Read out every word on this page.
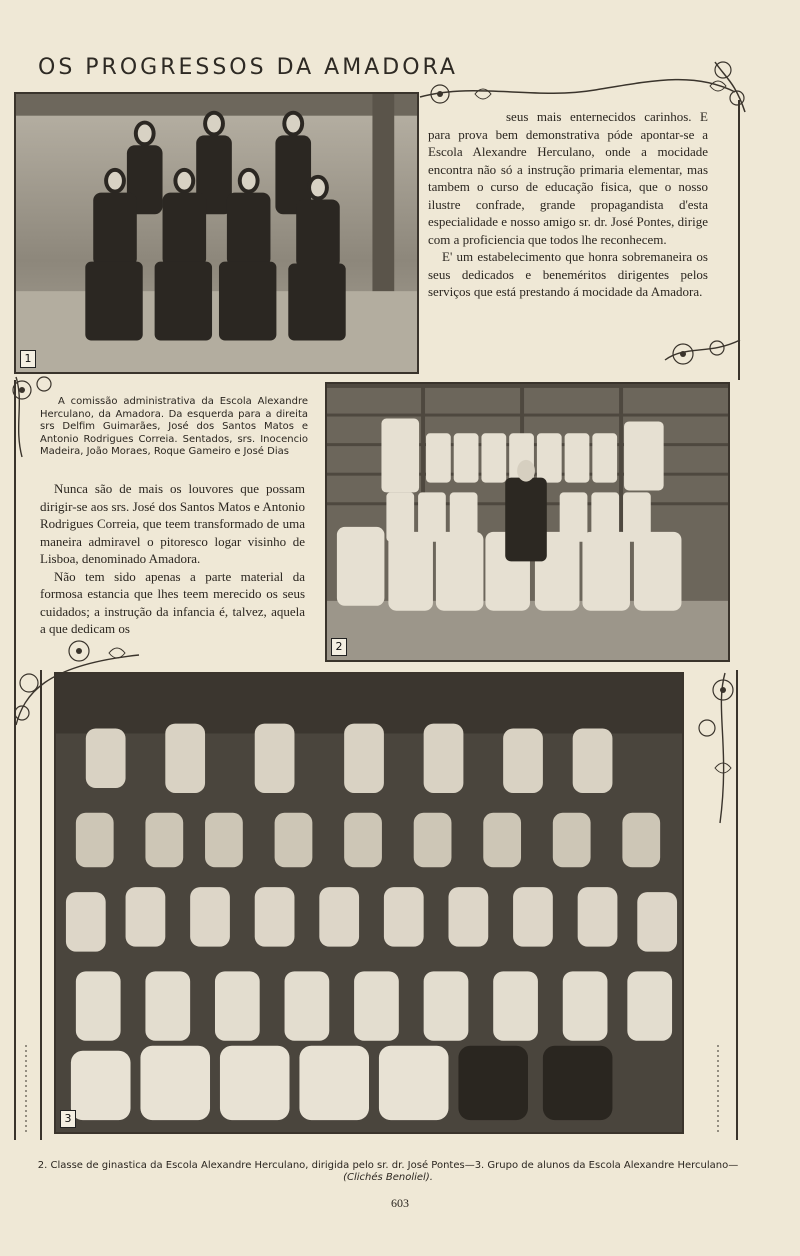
OS PROGRESSOS DA AMADORA
1

seus mais enternecidos carinhos. E para prova bem demonstrativa póde apontar-se a Escola Alexandre Herculano, onde a mocidade encontra não só a instrução primaria elementar, mas tambem o curso de educação fisica, que o nosso ilustre confrade, grande propagandista d'esta especialidade e nosso amigo sr. dr. José Pontes, dirige com a proficiencia que todos lhe reconhecem.

E' um estabelecimento que honra sobremaneira os seus dedicados e beneméritos dirigentes pelos serviços que está prestando á mocidade da Amadora.

A comissão administrativa da Escola Alexandre Herculano, da Amadora. Da esquerda para a direita srs Delfim Guimarães, José dos Santos Matos e Antonio Rodrigues Correia. Sentados, srs. Inocencio Madeira, João Moraes, Roque Gameiro e José Dias

Nunca são de mais os louvores que possam dirigir-se aos srs. José dos Santos Matos e Antonio Rodrigues Correia, que teem transformado de uma maneira admiravel o pitoresco logar visinho de Lisboa, denominado Amadora.

Não tem sido apenas a parte material da formosa estancia que lhes teem merecido os seus cuidados; a instrução da infancia é, talvez, aquela a que dedicam os

2
3
2. Classe de ginastica da Escola Alexandre Herculano, dirigida pelo sr. dr. José Pontes—3. Grupo de alunos da Escola Alexandre Herculano—(Clichés Benoliel).
603
